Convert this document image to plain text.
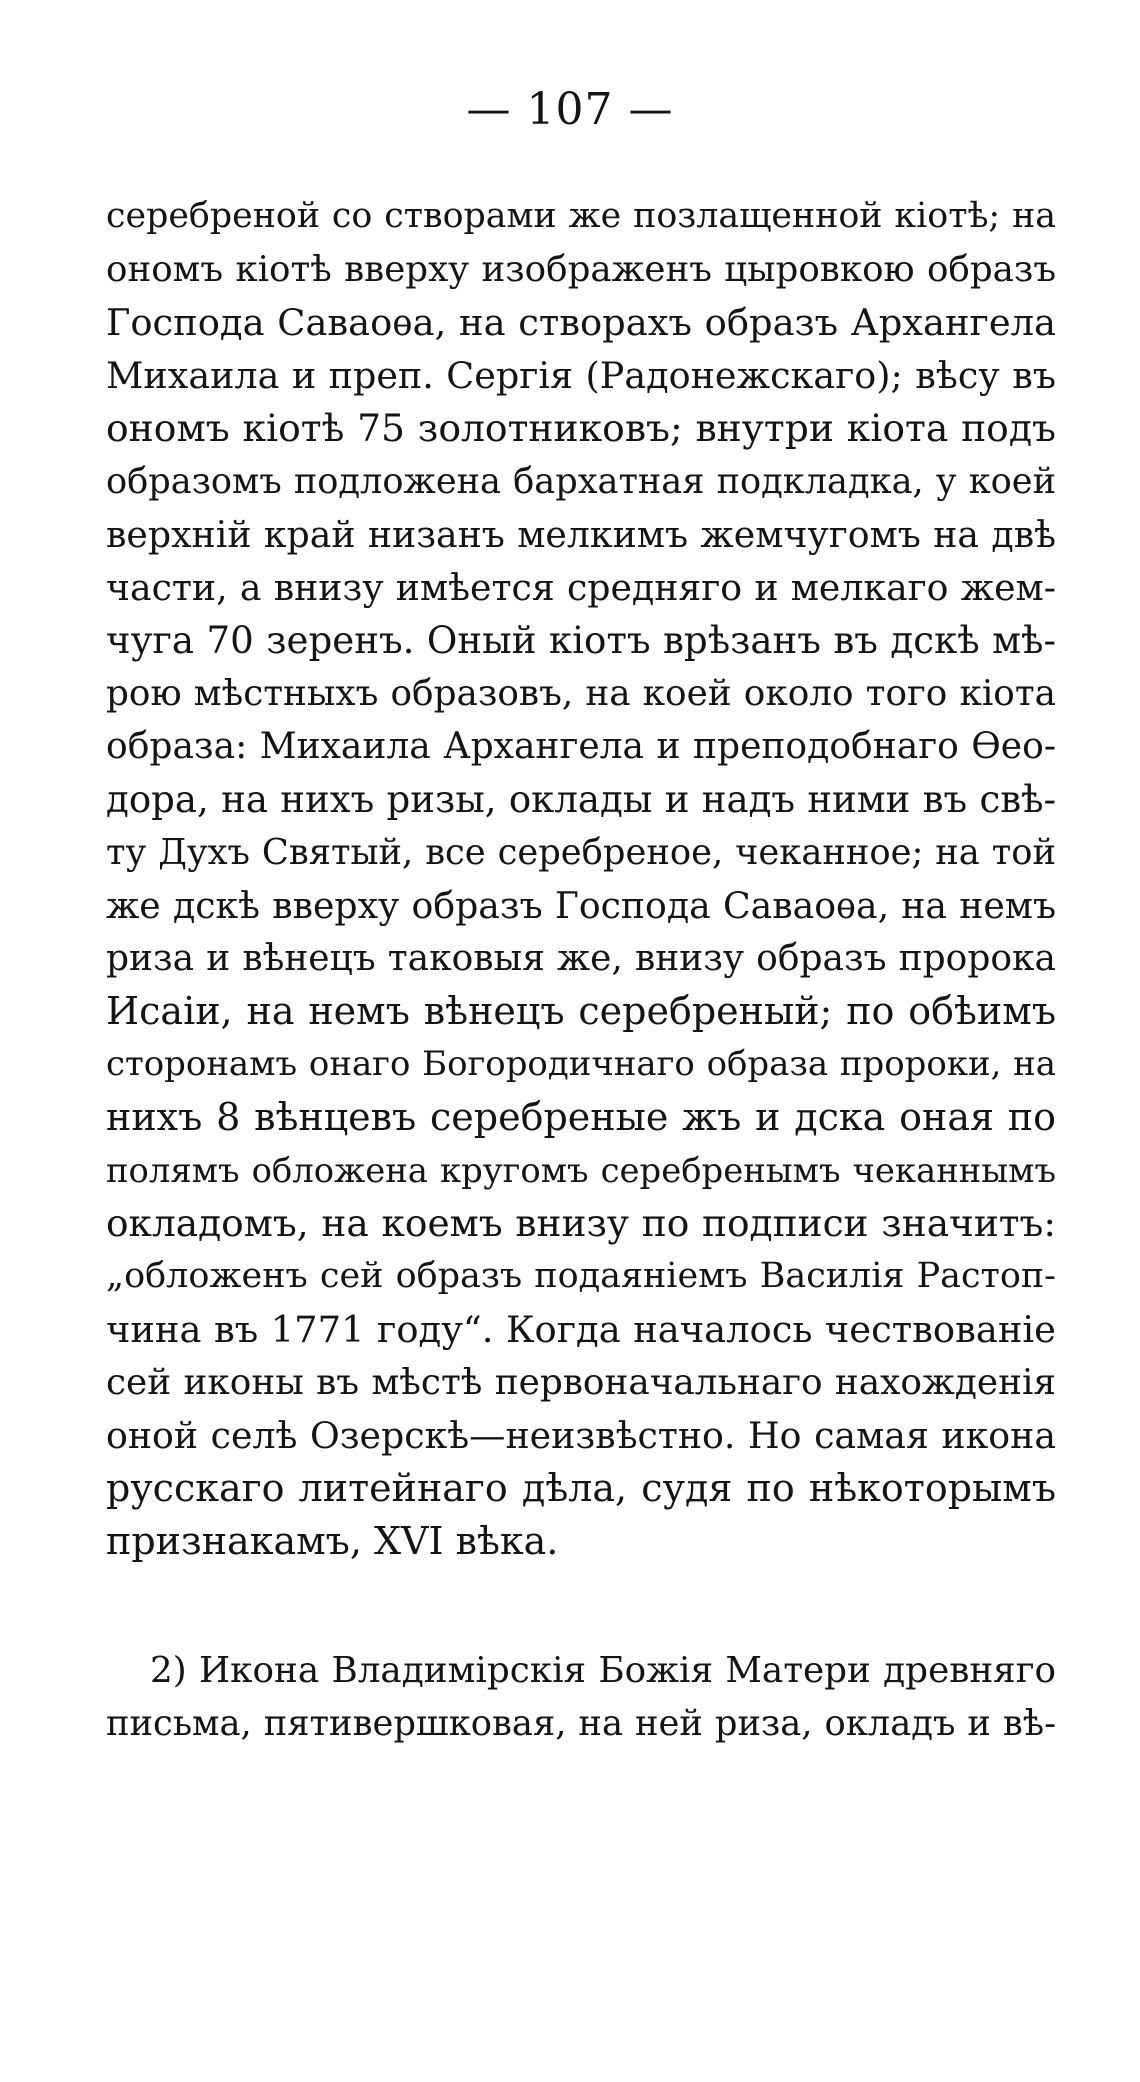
— 107 —
серебреной со створами же позлащенной кіотѣ; на
ономъ кіотѣ вверху изображенъ цыровкою образъ
Господа Саваоѳа, на створахъ образъ Архангела
Михаила и преп. Сергія (Радонежскаго); вѣсу въ
ономъ кіотѣ 75 золотниковъ; внутри кіота подъ
образомъ подложена бархатная подкладка, у коей
верхній край низанъ мелкимъ жемчугомъ на двѣ
части, а внизу имѣется средняго и мелкаго жем-
чуга 70 зеренъ. Оный кіотъ врѣзанъ въ дскѣ мѣ-
рою мѣстныхъ образовъ, на коей около того кіота
образа: Михаила Архангела и преподобнаго Ѳео-
дора, на нихъ ризы, оклады и надъ ними въ свѣ-
ту Духъ Святый, все серебреное, чеканное; на той
же дскѣ вверху образъ Господа Саваоѳа, на немъ
риза и вѣнецъ таковыя же, внизу образъ пророка
Исаіи, на немъ вѣнецъ серебреный; по обѣимъ
сторонамъ онаго Богородичнаго образа пророки, на
нихъ 8 вѣнцевъ серебреные жъ и дска оная по
полямъ обложена кругомъ серебренымъ чеканнымъ
окладомъ, на коемъ внизу по подписи значитъ:
„обложенъ сей образъ подаяніемъ Василія Растоп-
чина въ 1771 году“. Когда началось чествованіе
сей иконы въ мѣстѣ первоначальнаго нахожденія
оной селѣ Озерскѣ—неизвѣстно. Но самая икона
русскаго литейнаго дѣла, судя по нѣкоторымъ
признакамъ, XVI вѣка.
2) Икона Владимірскія Божія Матери древняго
письма, пятивершковая, на ней риза, окладъ и вѣ-
